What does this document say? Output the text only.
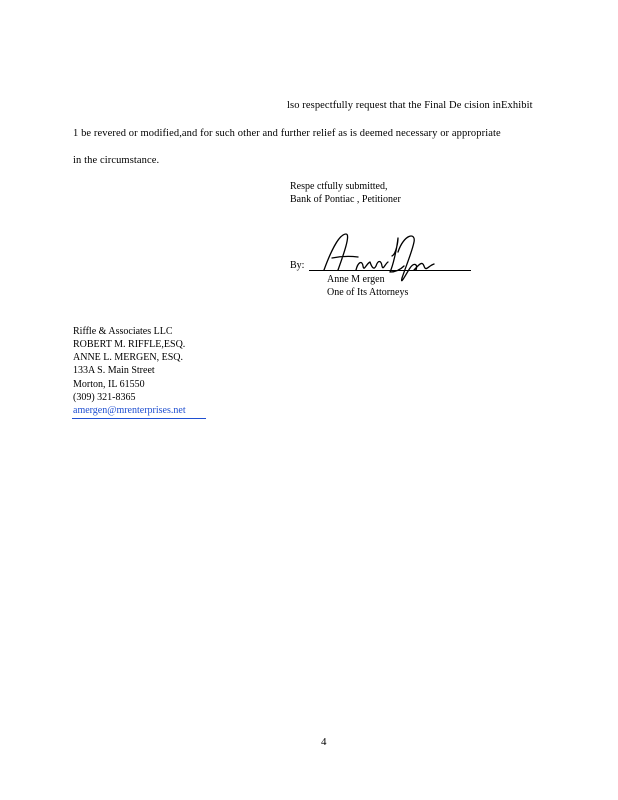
lso respectfully request that the Final De cision inExhibit
1 be revered or modified,and for such other and further relief as is deemed necessary or appropriate
in the circumstance.
Respe ctfully submitted,
Bank of Pontiac , Petitioner
By:
Anne M ergen
One of Its Attorneys
Riffle & Associates LLC
ROBERT M. RIFFLE,ESQ.
ANNE L. MERGEN, ESQ.
133A S. Main Street
Morton, IL 61550
(309) 321-8365
amergen@mrenterprises.net
4
